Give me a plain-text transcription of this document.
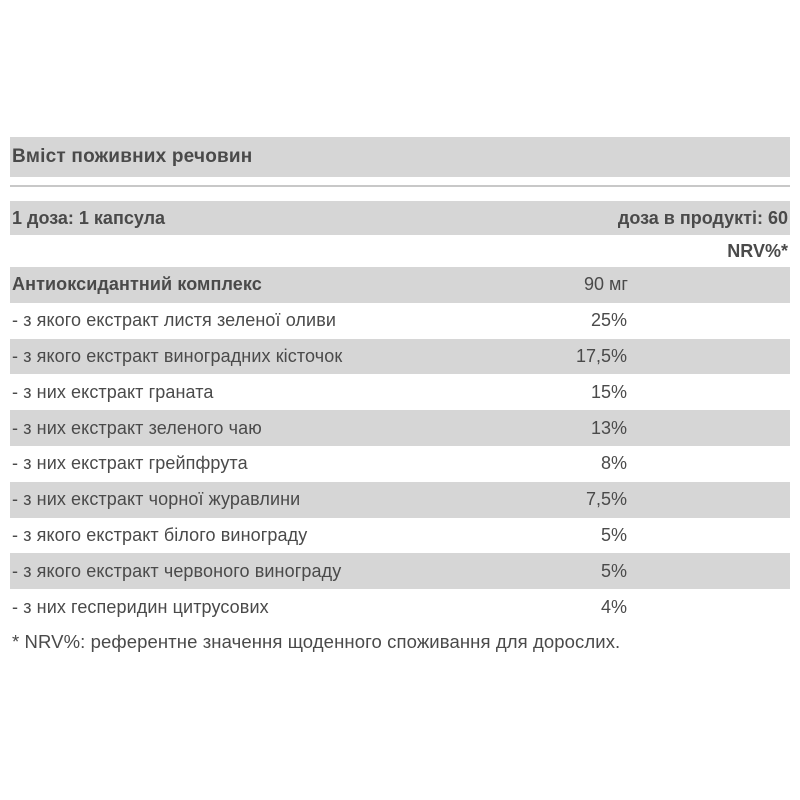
Вміст поживних речовин
1 доза: 1 капсула	доза в продукті: 60
NRV%*
Антиоксидантний комплекс	90 мг
- з якого екстракт листя зеленої оливи	25%
- з якого екстракт виноградних кісточок	17,5%
- з них екстракт граната	15%
- з них екстракт зеленого чаю	13%
- з них екстракт грейпфрута	8%
- з них екстракт чорної журавлини	7,5%
- з якого екстракт білого винограду	5%
- з якого екстракт червоного винограду	5%
- з них гесперидин цитрусових	4%
* NRV%: референтне значення щоденного споживання для дорослих.
